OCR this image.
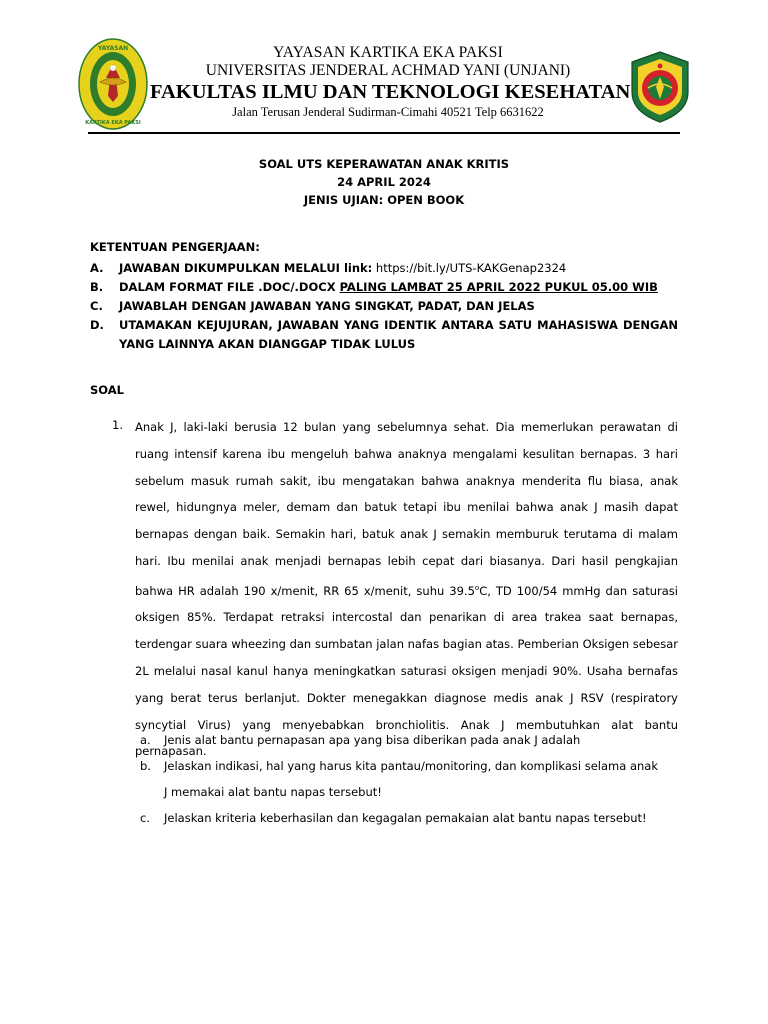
YAYASAN
KARTIKA EKA PAKSI
YAYASAN KARTIKA EKA PAKSI
UNIVERSITAS JENDERAL ACHMAD YANI (UNJANI)
FAKULTAS ILMU DAN TEKNOLOGI KESEHATAN
Jalan Terusan Jenderal Sudirman-Cimahi 40521 Telp 6631622
SOAL UTS KEPERAWATAN ANAK KRITIS
24 APRIL 2024
JENIS UJIAN: OPEN BOOK
KETENTUAN PENGERJAAN:
A. JAWABAN DIKUMPULKAN MELALUI link: https://bit.ly/UTS-KAKGenap2324
B. DALAM FORMAT FILE .DOC/.DOCX PALING LAMBAT 25 APRIL 2022 PUKUL 05.00 WIB
C. JAWABLAH DENGAN JAWABAN YANG SINGKAT, PADAT, DAN JELAS
D. UTAMAKAN KEJUJURAN, JAWABAN YANG IDENTIK ANTARA SATU MAHASISWA DENGAN YANG LAINNYA AKAN DIANGGAP TIDAK LULUS
SOAL
1. Anak J, laki-laki berusia 12 bulan yang sebelumnya sehat. Dia memerlukan perawatan di ruang intensif karena ibu mengeluh bahwa anaknya mengalami kesulitan bernapas. 3 hari sebelum masuk rumah sakit, ibu mengatakan bahwa anaknya menderita flu biasa, anak rewel, hidungnya meler, demam dan batuk tetapi ibu menilai bahwa anak J masih dapat bernapas dengan baik. Semakin hari, batuk anak J semakin memburuk terutama di malam hari. Ibu menilai anak menjadi bernapas lebih cepat dari biasanya. Dari hasil pengkajian bahwa HR adalah 190 x/menit, RR 65 x/menit, suhu 39.5$^o$C, TD 100/54 mmHg dan saturasi oksigen 85%. Terdapat retraksi intercostal dan penarikan di area trakea saat bernapas, terdengar suara wheezing dan sumbatan jalan nafas bagian atas. Pemberian Oksigen sebesar 2L melalui nasal kanul hanya meningkatkan saturasi oksigen menjadi 90%. Usaha bernafas yang berat terus berlanjut. Dokter menegakkan diagnose medis anak J RSV (respiratory syncytial Virus) yang menyebabkan bronchiolitis. Anak J membutuhkan alat bantu pernapasan.
a. Jenis alat bantu pernapasan apa yang bisa diberikan pada anak J adalah
b. Jelaskan indikasi, hal yang harus kita pantau/monitoring, dan komplikasi selama anak
J memakai alat bantu napas tersebut!
c. Jelaskan kriteria keberhasilan dan kegagalan pemakaian alat bantu napas tersebut!
